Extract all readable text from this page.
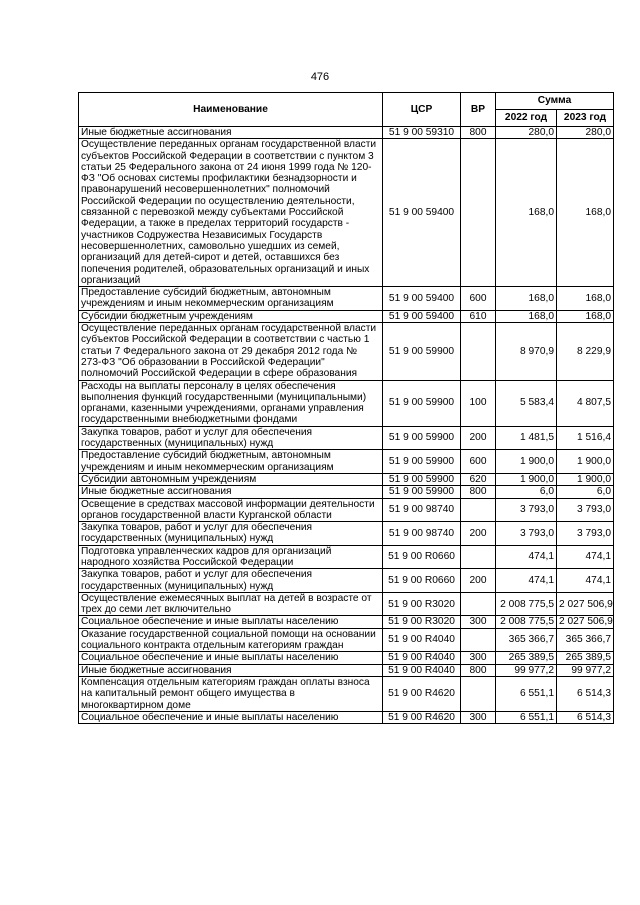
476
Наименование	ЦСР	ВР	Сумма	
			2022 год	2023 год
Иные бюджетные ассигнования	51 9 00 59310	800	280,0	280,0
Осуществление переданных органам государственной власти субъектов Российской Федерации в соответствии с пунктом 3 статьи 25 Федерального закона от 24 июня 1999 года № 120-ФЗ "Об основах системы профилактики безнадзорности и правонарушений несовершеннолетних" полномочий Российской Федерации по осуществлению деятельности, связанной с перевозкой между субъектами Российской Федерации, а также в пределах территорий государств - участников Содружества Независимых Государств несовершеннолетних, самовольно ушедших из семей, организаций для детей-сирот и детей, оставшихся без попечения родителей, образовательных организаций и иных организаций	51 9 00 59400		168,0	168,0
Предоставление субсидий бюджетным, автономным учреждениям и иным некоммерческим организациям	51 9 00 59400	600	168,0	168,0
Субсидии бюджетным учреждениям	51 9 00 59400	610	168,0	168,0
Осуществление переданных органам государственной власти субъектов Российской Федерации в соответствии с частью 1 статьи 7 Федерального закона от 29 декабря 2012 года № 273-ФЗ "Об образовании в Российской Федерации" полномочий Российской Федерации в сфере образования	51 9 00 59900		8 970,9	8 229,9
Расходы на выплаты персоналу в целях обеспечения выполнения функций государственными (муниципальными) органами, казенными учреждениями, органами управления государственными внебюджетными фондами	51 9 00 59900	100	5 583,4	4 807,5
Закупка товаров, работ и услуг для обеспечения государственных (муниципальных) нужд	51 9 00 59900	200	1 481,5	1 516,4
Предоставление субсидий бюджетным, автономным учреждениям и иным некоммерческим организациям	51 9 00 59900	600	1 900,0	1 900,0
Субсидии автономным учреждениям	51 9 00 59900	620	1 900,0	1 900,0
Иные бюджетные ассигнования	51 9 00 59900	800	6,0	6,0
Освещение в средствах массовой информации деятельности органов государственной власти Курганской области	51 9 00 98740		3 793,0	3 793,0
Закупка товаров, работ и услуг для обеспечения государственных (муниципальных) нужд	51 9 00 98740	200	3 793,0	3 793,0
Подготовка управленческих кадров для организаций народного хозяйства Российской Федерации	51 9 00 R0660		474,1	474,1
Закупка товаров, работ и услуг для обеспечения государственных (муниципальных) нужд	51 9 00 R0660	200	474,1	474,1
Осуществление ежемесячных выплат на детей в возрасте от трех до семи лет включительно	51 9 00 R3020		2 008 775,5	2 027 506,9
Социальное обеспечение и иные выплаты населению	51 9 00 R3020	300	2 008 775,5	2 027 506,9
Оказание государственной социальной помощи на основании социального контракта отдельным категориям граждан	51 9 00 R4040		365 366,7	365 366,7
Социальное обеспечение и иные выплаты населению	51 9 00 R4040	300	265 389,5	265 389,5
Иные бюджетные ассигнования	51 9 00 R4040	800	99 977,2	99 977,2
Компенсация отдельным категориям граждан оплаты взноса на капитальный ремонт общего имущества в многоквартирном доме	51 9 00 R4620		6 551,1	6 514,3
Социальное обеспечение и иные выплаты населению	51 9 00 R4620	300	6 551,1	6 514,3
